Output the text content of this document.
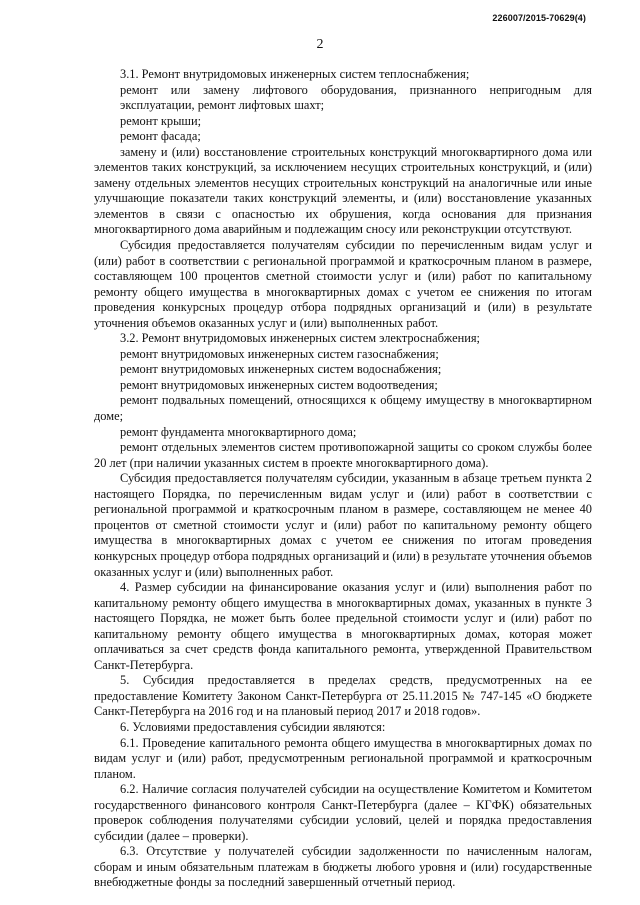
226007/2015-70629(4)
2

3.1. Ремонт внутридомовых инженерных систем теплоснабжения;

ремонт или замену лифтового оборудования, признанного непригодным для эксплуатации, ремонт лифтовых шахт;

ремонт крыши;

ремонт фасада;

замену и (или) восстановление строительных конструкций многоквартирного дома или элементов таких конструкций, за исключением несущих строительных конструкций, и (или) замену отдельных элементов несущих строительных конструкций на аналогичные или иные улучшающие показатели таких конструкций элементы, и (или) восстановление указанных элементов в связи с опасностью их обрушения, когда основания для признания многоквартирного дома аварийным и подлежащим сносу или реконструкции отсутствуют.

Субсидия предоставляется получателям субсидии по перечисленным видам услуг и (или) работ в соответствии с региональной программой и краткосрочным планом в размере, составляющем 100 процентов сметной стоимости услуг и (или) работ по капитальному ремонту общего имущества в многоквартирных домах с учетом ее снижения по итогам проведения конкурсных процедур отбора подрядных организаций и (или) в результате уточнения объемов оказанных услуг и (или) выполненных работ.

3.2. Ремонт внутридомовых инженерных систем электроснабжения;

ремонт внутридомовых инженерных систем газоснабжения;

ремонт внутридомовых инженерных систем водоснабжения;

ремонт внутридомовых инженерных систем водоотведения;

ремонт подвальных помещений, относящихся к общему имуществу в многоквартирном доме;

ремонт фундамента многоквартирного дома;

ремонт отдельных элементов систем противопожарной защиты со сроком службы более 20 лет (при наличии указанных систем в проекте многоквартирного дома).

Субсидия предоставляется получателям субсидии, указанным в абзаце третьем пункта 2 настоящего Порядка, по перечисленным видам услуг и (или) работ в соответствии с региональной программой и краткосрочным планом в размере, составляющем не менее 40 процентов от сметной стоимости услуг и (или) работ по капитальному ремонту общего имущества в многоквартирных домах с учетом ее снижения по итогам проведения конкурсных процедур отбора подрядных организаций и (или) в результате уточнения объемов оказанных услуг и (или) выполненных работ.

4. Размер субсидии на финансирование оказания услуг и (или) выполнения работ по капитальному ремонту общего имущества в многоквартирных домах, указанных в пункте 3 настоящего Порядка, не может быть более предельной стоимости услуг и (или) работ по капитальному ремонту общего имущества в многоквартирных домах, которая может оплачиваться за счет средств фонда капитального ремонта, утвержденной Правительством Санкт-Петербурга.

5. Субсидия предоставляется в пределах средств, предусмотренных на ее предоставление Комитету Законом Санкт-Петербурга от 25.11.2015 № 747-145 «О бюджете Санкт-Петербурга на 2016 год и на плановый период 2017 и 2018 годов».

6. Условиями предоставления субсидии являются:

6.1. Проведение капитального ремонта общего имущества в многоквартирных домах по видам услуг и (или) работ, предусмотренным региональной программой и краткосрочным планом.

6.2. Наличие согласия получателей субсидии на осуществление Комитетом и Комитетом государственного финансового контроля Санкт-Петербурга (далее – КГФК) обязательных проверок соблюдения получателями субсидии условий, целей и порядка предоставления субсидии (далее – проверки).

6.3. Отсутствие у получателей субсидии задолженности по начисленным налогам, сборам и иным обязательным платежам в бюджеты любого уровня и (или) государственные внебюджетные фонды за последний завершенный отчетный период.
